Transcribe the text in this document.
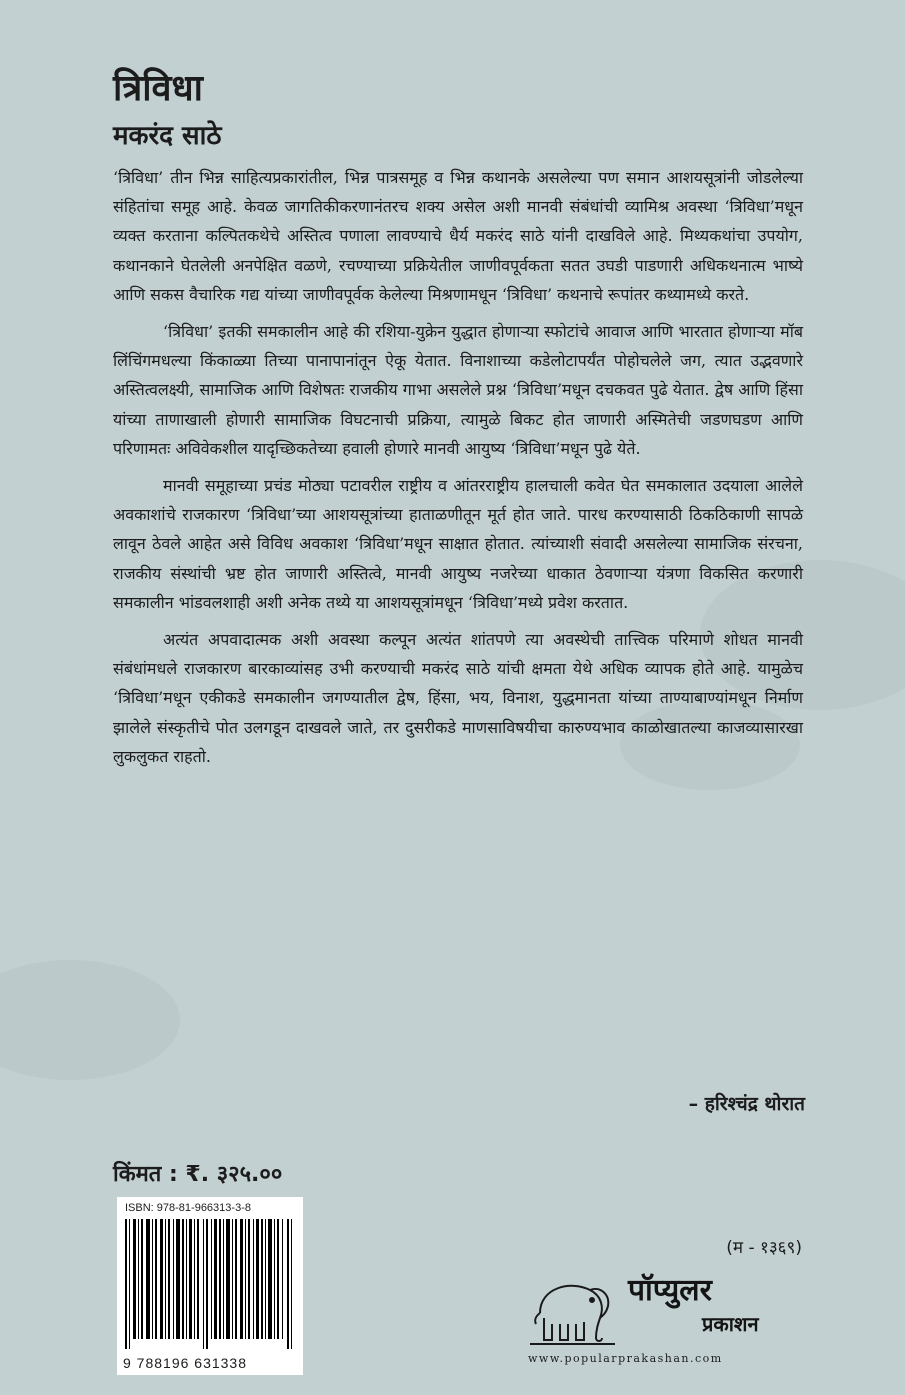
त्रिविधा
मकरंद साठे

‘त्रिविधा’ तीन भिन्न साहित्यप्रकारांतील, भिन्न पात्रसमूह व भिन्न कथानके असलेल्या पण समान आशयसूत्रांनी जोडलेल्या संहितांचा समूह आहे. केवळ जागतिकीकरणानंतरच शक्य असेल अशी मानवी संबंधांची व्यामिश्र अवस्था ‘त्रिविधा’मधून व्यक्त करताना कल्पितकथेचे अस्तित्व पणाला लावण्याचे धैर्य मकरंद साठे यांनी दाखविले आहे. मिथ्यकथांचा उपयोग, कथानकाने घेतलेली अनपेक्षित वळणे, रचण्याच्या प्रक्रियेतील जाणीवपूर्वकता सतत उघडी पाडणारी अधिकथनात्म भाष्ये आणि सकस वैचारिक गद्य यांच्या जाणीवपूर्वक केलेल्या मिश्रणामधून ‘त्रिविधा’ कथनाचे रूपांतर कथ्यामध्ये करते.

‘त्रिविधा’ इतकी समकालीन आहे की रशिया-युक्रेन युद्धात होणाऱ्या स्फोटांचे आवाज आणि भारतात होणाऱ्या मॉब लिंचिंगमधल्या किंकाळ्या तिच्या पानापानांतून ऐकू येतात. विनाशाच्या कडेलोटापर्यंत पोहोचलेले जग, त्यात उद्भवणारे अस्तित्वलक्ष्यी, सामाजिक आणि विशेषतः राजकीय गाभा असलेले प्रश्न ‘त्रिविधा’मधून दचकवत पुढे येतात. द्वेष आणि हिंसा यांच्या ताणाखाली होणारी सामाजिक विघटनाची प्रक्रिया, त्यामुळे बिकट होत जाणारी अस्मितेची जडणघडण आणि परिणामतः अविवेकशील यादृच्छिकतेच्या हवाली होणारे मानवी आयुष्य ‘त्रिविधा’मधून पुढे येते.

मानवी समूहाच्या प्रचंड मोठ्या पटावरील राष्ट्रीय व आंतरराष्ट्रीय हालचाली कवेत घेत समकालात उदयाला आलेले अवकाशांचे राजकारण ‘त्रिविधा’च्या आशयसूत्रांच्या हाताळणीतून मूर्त होत जाते. पारध करण्यासाठी ठिकठिकाणी सापळे लावून ठेवले आहेत असे विविध अवकाश ‘त्रिविधा’मधून साक्षात होतात. त्यांच्याशी संवादी असलेल्या सामाजिक संरचना, राजकीय संस्थांची भ्रष्ट होत जाणारी अस्तित्वे, मानवी आयुष्य नजरेच्या धाकात ठेवणाऱ्या यंत्रणा विकसित करणारी समकालीन भांडवलशाही अशी अनेक तथ्ये या आशयसूत्रांमधून ‘त्रिविधा’मध्ये प्रवेश करतात.

अत्यंत अपवादात्मक अशी अवस्था कल्पून अत्यंत शांतपणे त्या अवस्थेची तात्त्विक परिमाणे शोधत मानवी संबंधांमधले राजकारण बारकाव्यांसह उभी करण्याची मकरंद साठे यांची क्षमता येथे अधिक व्यापक होते आहे. यामुळेच ‘त्रिविधा’मधून एकीकडे समकालीन जगण्यातील द्वेष, हिंसा, भय, विनाश, युद्धमानता यांच्या ताण्याबाण्यांमधून निर्माण झालेले संस्कृतीचे पोत उलगडून दाखवले जाते, तर दुसरीकडे माणसाविषयीचा कारुण्यभाव काळोखातल्या काजव्यासारखा लुकलुकत राहतो.

– हरिश्चंद्र थोरात
किंमत : ₹. ३२५.००
ISBN: 978-81-966313-3-8
9 788196 631338
(म - १३६९)
पॉप्युलर
प्रकाशन
www.popularprakashan.com
